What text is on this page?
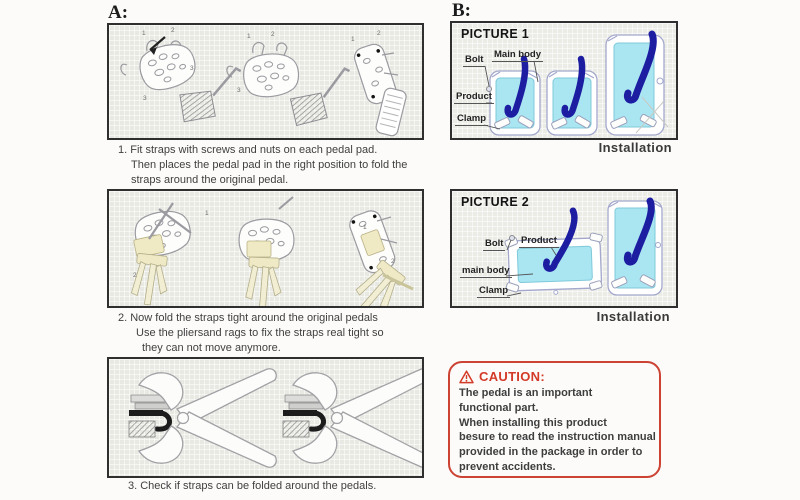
A:
1	2
3
3
1	2
3
1
2
1. Fit straps with screws and nuts on each pedal pad.
Then places the pedal pad in the right position to fold the
straps around the original pedal.
1
2
1
2
2. Now fold the straps tight around the original pedals
Use the pliersand rags to fix the straps real tight so
they can not move anymore.
3. Check if straps can be folded around the pedals.
B:
PICTURE 1
Bolt Main body
Product
Clamp
Installation
PICTURE 2
Bolt Product
main body
Clamp
Installation
CAUTION:
The pedal is an important
functional part.
When installing this product
besure to read the instruction manual
provided in the package in order to
prevent accidents.
